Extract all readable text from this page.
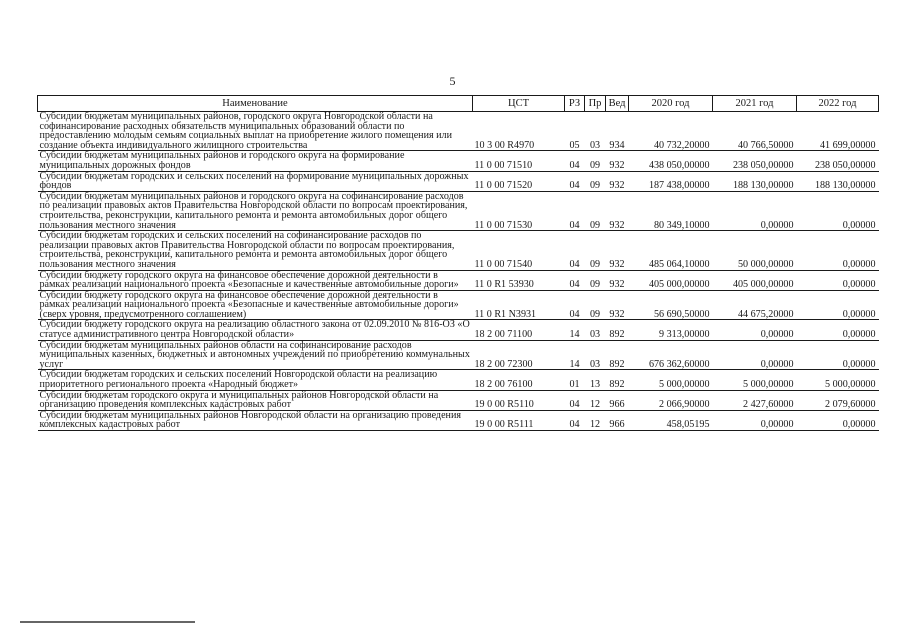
5
Наименование	ЦСТ	РЗ	Пр	Вед	2020 год	2021 год	2022 год
Субсидии бюджетам муниципальных районов, городского округа Новгородской области на софинансирование расходных обязательств муниципальных образований области по предоставлению молодым семьям социальных выплат на приобретение жилого помещения или создание объекта индивидуального жилищного строительства	10 3 00 R4970	05	03	934	40 732,20000	40 766,50000	41 699,00000
Субсидии бюджетам муниципальных районов и городского округа на формирование муниципальных дорожных фондов	11 0 00 71510	04	09	932	438 050,00000	238 050,00000	238 050,00000
Субсидии бюджетам городских и сельских поселений на формирование муниципальных дорожных фондов	11 0 00 71520	04	09	932	187 438,00000	188 130,00000	188 130,00000
Субсидии бюджетам муниципальных районов и городского округа на софинансирование расходов по реализации правовых актов Правительства Новгородской области по вопросам проектирования, строительства, реконструкции, капитального ремонта и ремонта автомобильных дорог общего пользования местного значения	11 0 00 71530	04	09	932	80 349,10000	0,00000	0,00000
Субсидии бюджетам городских и сельских поселений на софинансирование расходов по реализации правовых актов Правительства Новгородской области по вопросам проектирования, строительства, реконструкции, капитального ремонта и ремонта автомобильных дорог общего пользования местного значения	11 0 00 71540	04	09	932	485 064,10000	50 000,00000	0,00000
Субсидии бюджету городского округа на финансовое обеспечение дорожной деятельности в рамках реализации национального проекта «Безопасные и качественные автомобильные дороги»	11 0 R1 53930	04	09	932	405 000,00000	405 000,00000	0,00000
Субсидии бюджету городского округа на финансовое обеспечение дорожной деятельности в рамках реализации национального проекта «Безопасные и качественные автомобильные дороги» (сверх уровня, предусмотренного соглашением)	11 0 R1 N3931	04	09	932	56 690,50000	44 675,20000	0,00000
Субсидии бюджету городского округа на реализацию областного закона от 02.09.2010 № 816-ОЗ «О статусе административного центра Новгородской области»	18 2 00 71100	14	03	892	9 313,00000	0,00000	0,00000
Субсидии бюджетам муниципальных районов области на софинансирование расходов муниципальных казенных, бюджетных и автономных учреждений по приобретению коммунальных услуг	18 2 00 72300	14	03	892	676 362,60000	0,00000	0,00000
Субсидии бюджетам городских и сельских поселений Новгородской области на реализацию приоритетного регионального проекта «Народный бюджет»	18 2 00 76100	01	13	892	5 000,00000	5 000,00000	5 000,00000
Субсидии бюджетам городского округа и муниципальных районов Новгородской области на организацию проведения комплексных кадастровых работ	19 0 00 R5110	04	12	966	2 066,90000	2 427,60000	2 079,60000
Субсидии бюджетам муниципальных районов Новгородской области на организацию проведения комплексных кадастровых работ	19 0 00 R5111	04	12	966	458,05195	0,00000	0,00000
